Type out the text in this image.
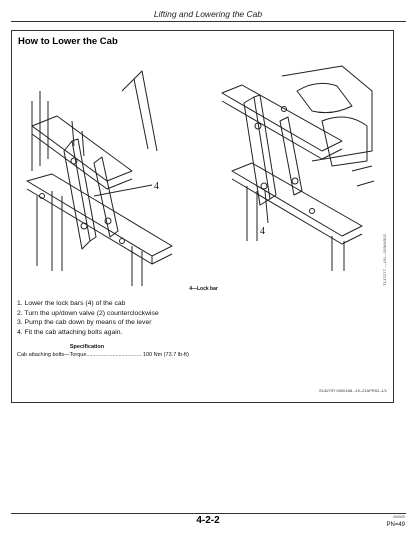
Lifting and Lowering the Cab
How to Lower the Cab
4
4
T132277 —UN—05MAR02
4—Lock bar
1. Lower the lock bars (4) of the cab
2. Turn the up/down valve (2) counterclockwise
3. Pump the cab down by means of the lever
4. Fit the cab attaching bolts again.
Specification
Cab attaching bolts—Torque.................................... 100 Nm (73.7 lb-ft)
EL82797,0000188 –19–21APR02–1/1
4-2-2	000000
PN=49
